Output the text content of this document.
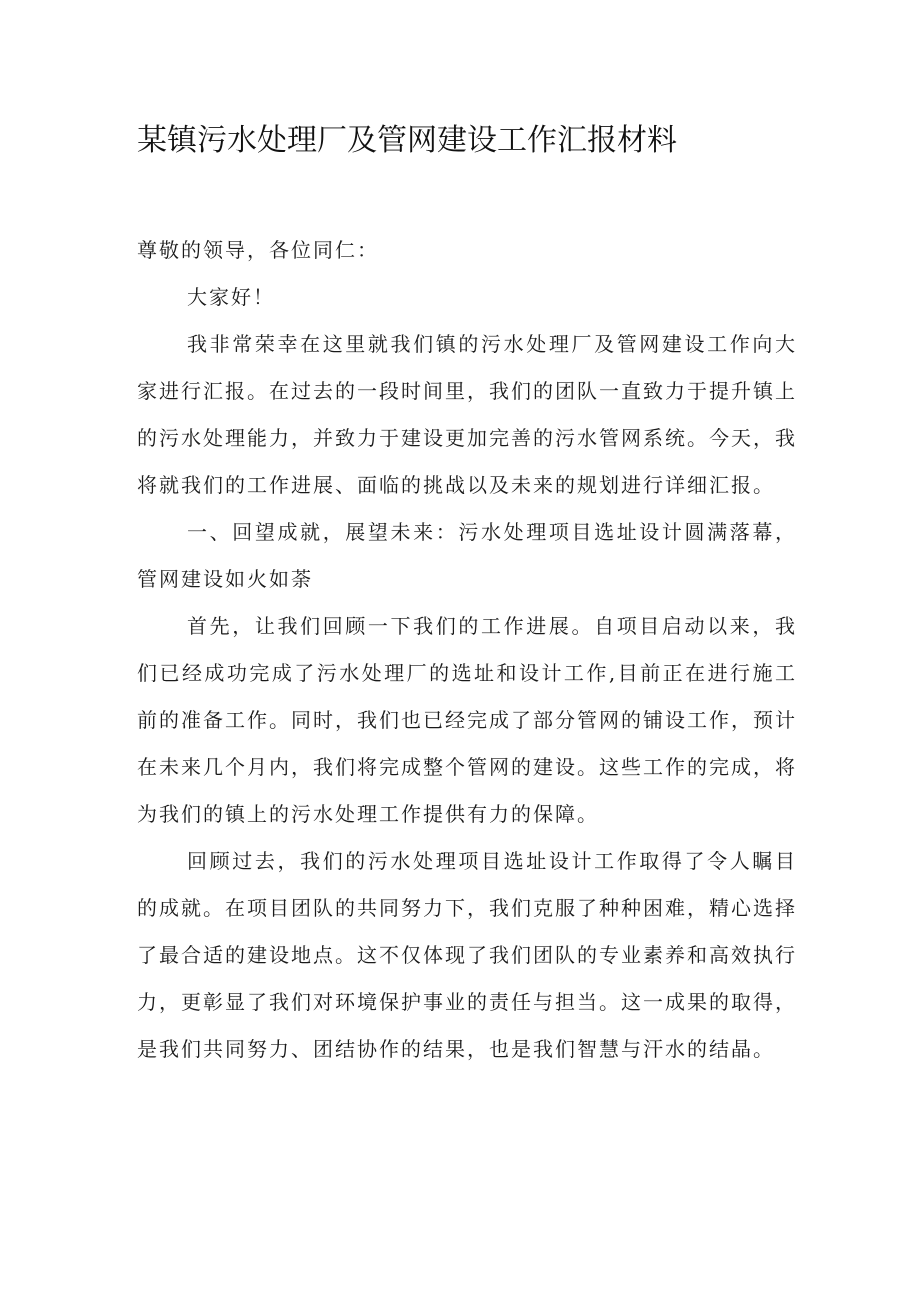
某镇污水处理厂及管网建设工作汇报材料

尊敬的领导，各位同仁：

大家好！

我非常荣幸在这里就我们镇的污水处理厂及管网建设工作向大家进行汇报。在过去的一段时间里，我们的团队一直致力于提升镇上的污水处理能力，并致力于建设更加完善的污水管网系统。今天，我将就我们的工作进展、面临的挑战以及未来的规划进行详细汇报。

一、回望成就，展望未来：污水处理项目选址设计圆满落幕，管网建设如火如荼

首先，让我们回顾一下我们的工作进展。自项目启动以来，我们已经成功完成了污水处理厂的选址和设计工作,目前正在进行施工前的准备工作。同时，我们也已经完成了部分管网的铺设工作，预计在未来几个月内，我们将完成整个管网的建设。这些工作的完成，将为我们的镇上的污水处理工作提供有力的保障。

回顾过去，我们的污水处理项目选址设计工作取得了令人瞩目的成就。在项目团队的共同努力下，我们克服了种种困难，精心选择了最合适的建设地点。这不仅体现了我们团队的专业素养和高效执行力，更彰显了我们对环境保护事业的责任与担当。这一成果的取得，是我们共同努力、团结协作的结果，也是我们智慧与汗水的结晶。
